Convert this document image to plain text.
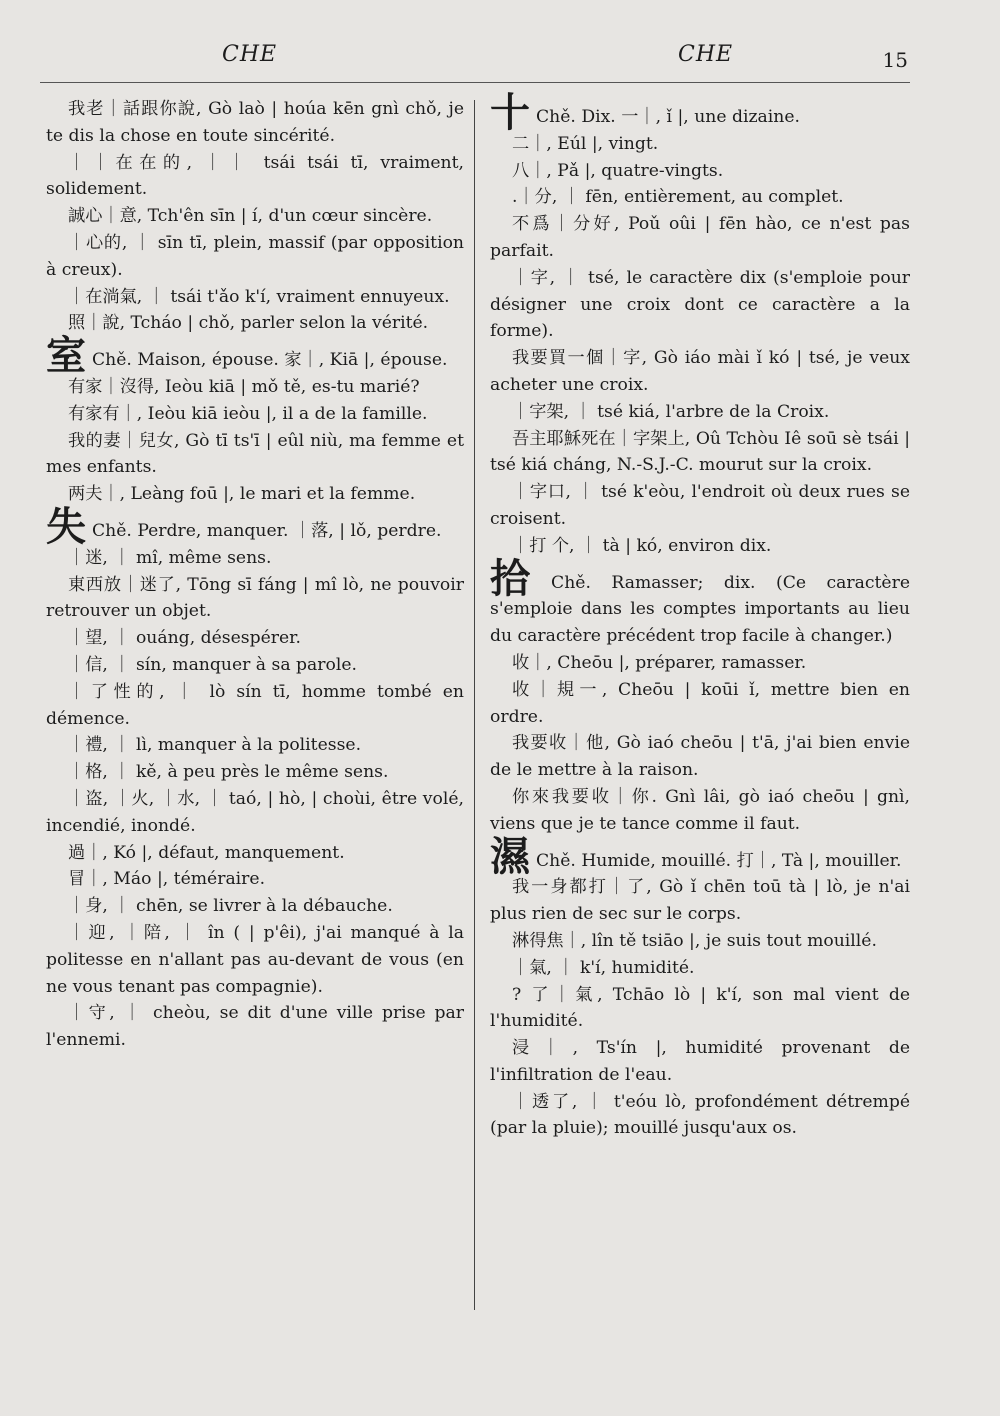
CHE	CHE	15

我老｜話跟你說, Gò laò | hoúa kēn gnì chǒ, je te dis la chose en toute sincérité.

｜｜在在的, ｜｜ tsái tsái tī, vraiment, solidement.

誠心｜意, Tch'ên sīn | í, d'un cœur sincère.

｜心的, ｜ sīn tī, plein, massif (par opposition à creux).

｜在淌氣, ｜ tsái t'ǎo k'í, vraiment ennuyeux.

照｜說, Tcháo | chǒ, parler selon la vérité.

室 Chě. Maison, épouse. 家｜, Kiā |, épouse.

有家｜沒得, Ieòu kiā | mǒ tě, es-tu marié?

有家有｜, Ieòu kiā ieòu |, il a de la famille.

我的妻｜兒女, Gò tī ts'ī | eûl niù, ma femme et mes enfants.

两夫｜, Leàng foū |, le mari et la femme.

失 Chě. Perdre, manquer. ｜落, | lǒ, perdre.

｜迷, ｜ mî, même sens.

東西放｜迷了, Tōng sī fáng | mî lò, ne pouvoir retrouver un objet.

｜望, ｜ ouáng, désespérer.

｜信, ｜ sín, manquer à sa parole.

｜了性的, ｜ lò sín tī, homme tombé en démence.

｜禮, ｜ lì, manquer à la politesse.

｜格, ｜ kě, à peu près le même sens.

｜盗, ｜火, ｜水, ｜ taó, | hò, | choùi, être volé, incendié, inondé.

過｜, Kó |, défaut, manquement.

冒｜, Máo |, téméraire.

｜身, ｜ chēn, se livrer à la débauche.

｜迎, ｜陪, ｜ în ( | p'êi), j'ai manqué à la politesse en n'allant pas au-devant de vous (en ne vous tenant pas compagnie).

｜守, ｜ cheòu, se dit d'une ville prise par l'ennemi.

十 Chě. Dix. 一｜, ǐ |, une dizaine.

二｜, Eúl |, vingt.

八｜, Pǎ |, quatre-vingts.

.｜分, ｜ fēn, entièrement, au complet.

不爲｜分好, Poǔ oûi | fēn hào, ce n'est pas parfait.

｜字, ｜ tsé, le caractère dix (s'emploie pour désigner une croix dont ce caractère a la forme).

我要買一個｜字, Gò iáo mài ǐ kó | tsé, je veux acheter une croix.

｜字架, ｜ tsé kiá, l'arbre de la Croix.

吾主耶穌死在｜字架上, Oû Tchòu Iê soū sè tsái | tsé kiá cháng, N.-S.J.-C. mourut sur la croix.

｜字口, ｜ tsé k'eòu, l'endroit où deux rues se croisent.

｜打 个, ｜ tà | kó, environ dix.

拾 Chě. Ramasser; dix. (Ce caractère s'emploie dans les comptes importants au lieu du caractère précédent trop facile à changer.)

收｜, Cheōu |, préparer, ramasser.

收｜規一, Cheōu | koūi ǐ, mettre bien en ordre.

我要收｜他, Gò iaó cheōu | t'ā, j'ai bien envie de le mettre à la raison.

你來我要收｜你. Gnì lâi, gò iaó cheōu | gnì, viens que je te tance comme il faut.

濕 Chě. Humide, mouillé. 打｜, Tà |, mouiller.

我一身都打｜了, Gò ǐ chēn toū tà | lò, je n'ai plus rien de sec sur le corps.

淋得焦｜, lîn tě tsiāo |, je suis tout mouillé.

｜氣, ｜ k'í, humidité.

? 了｜氣, Tchāo lò | k'í, son mal vient de l'humidité.

浸｜, Ts'ín |, humidité provenant de l'infiltration de l'eau.

｜透了, ｜ t'eóu lò, profondément détrempé (par la pluie); mouillé jusqu'aux os.
